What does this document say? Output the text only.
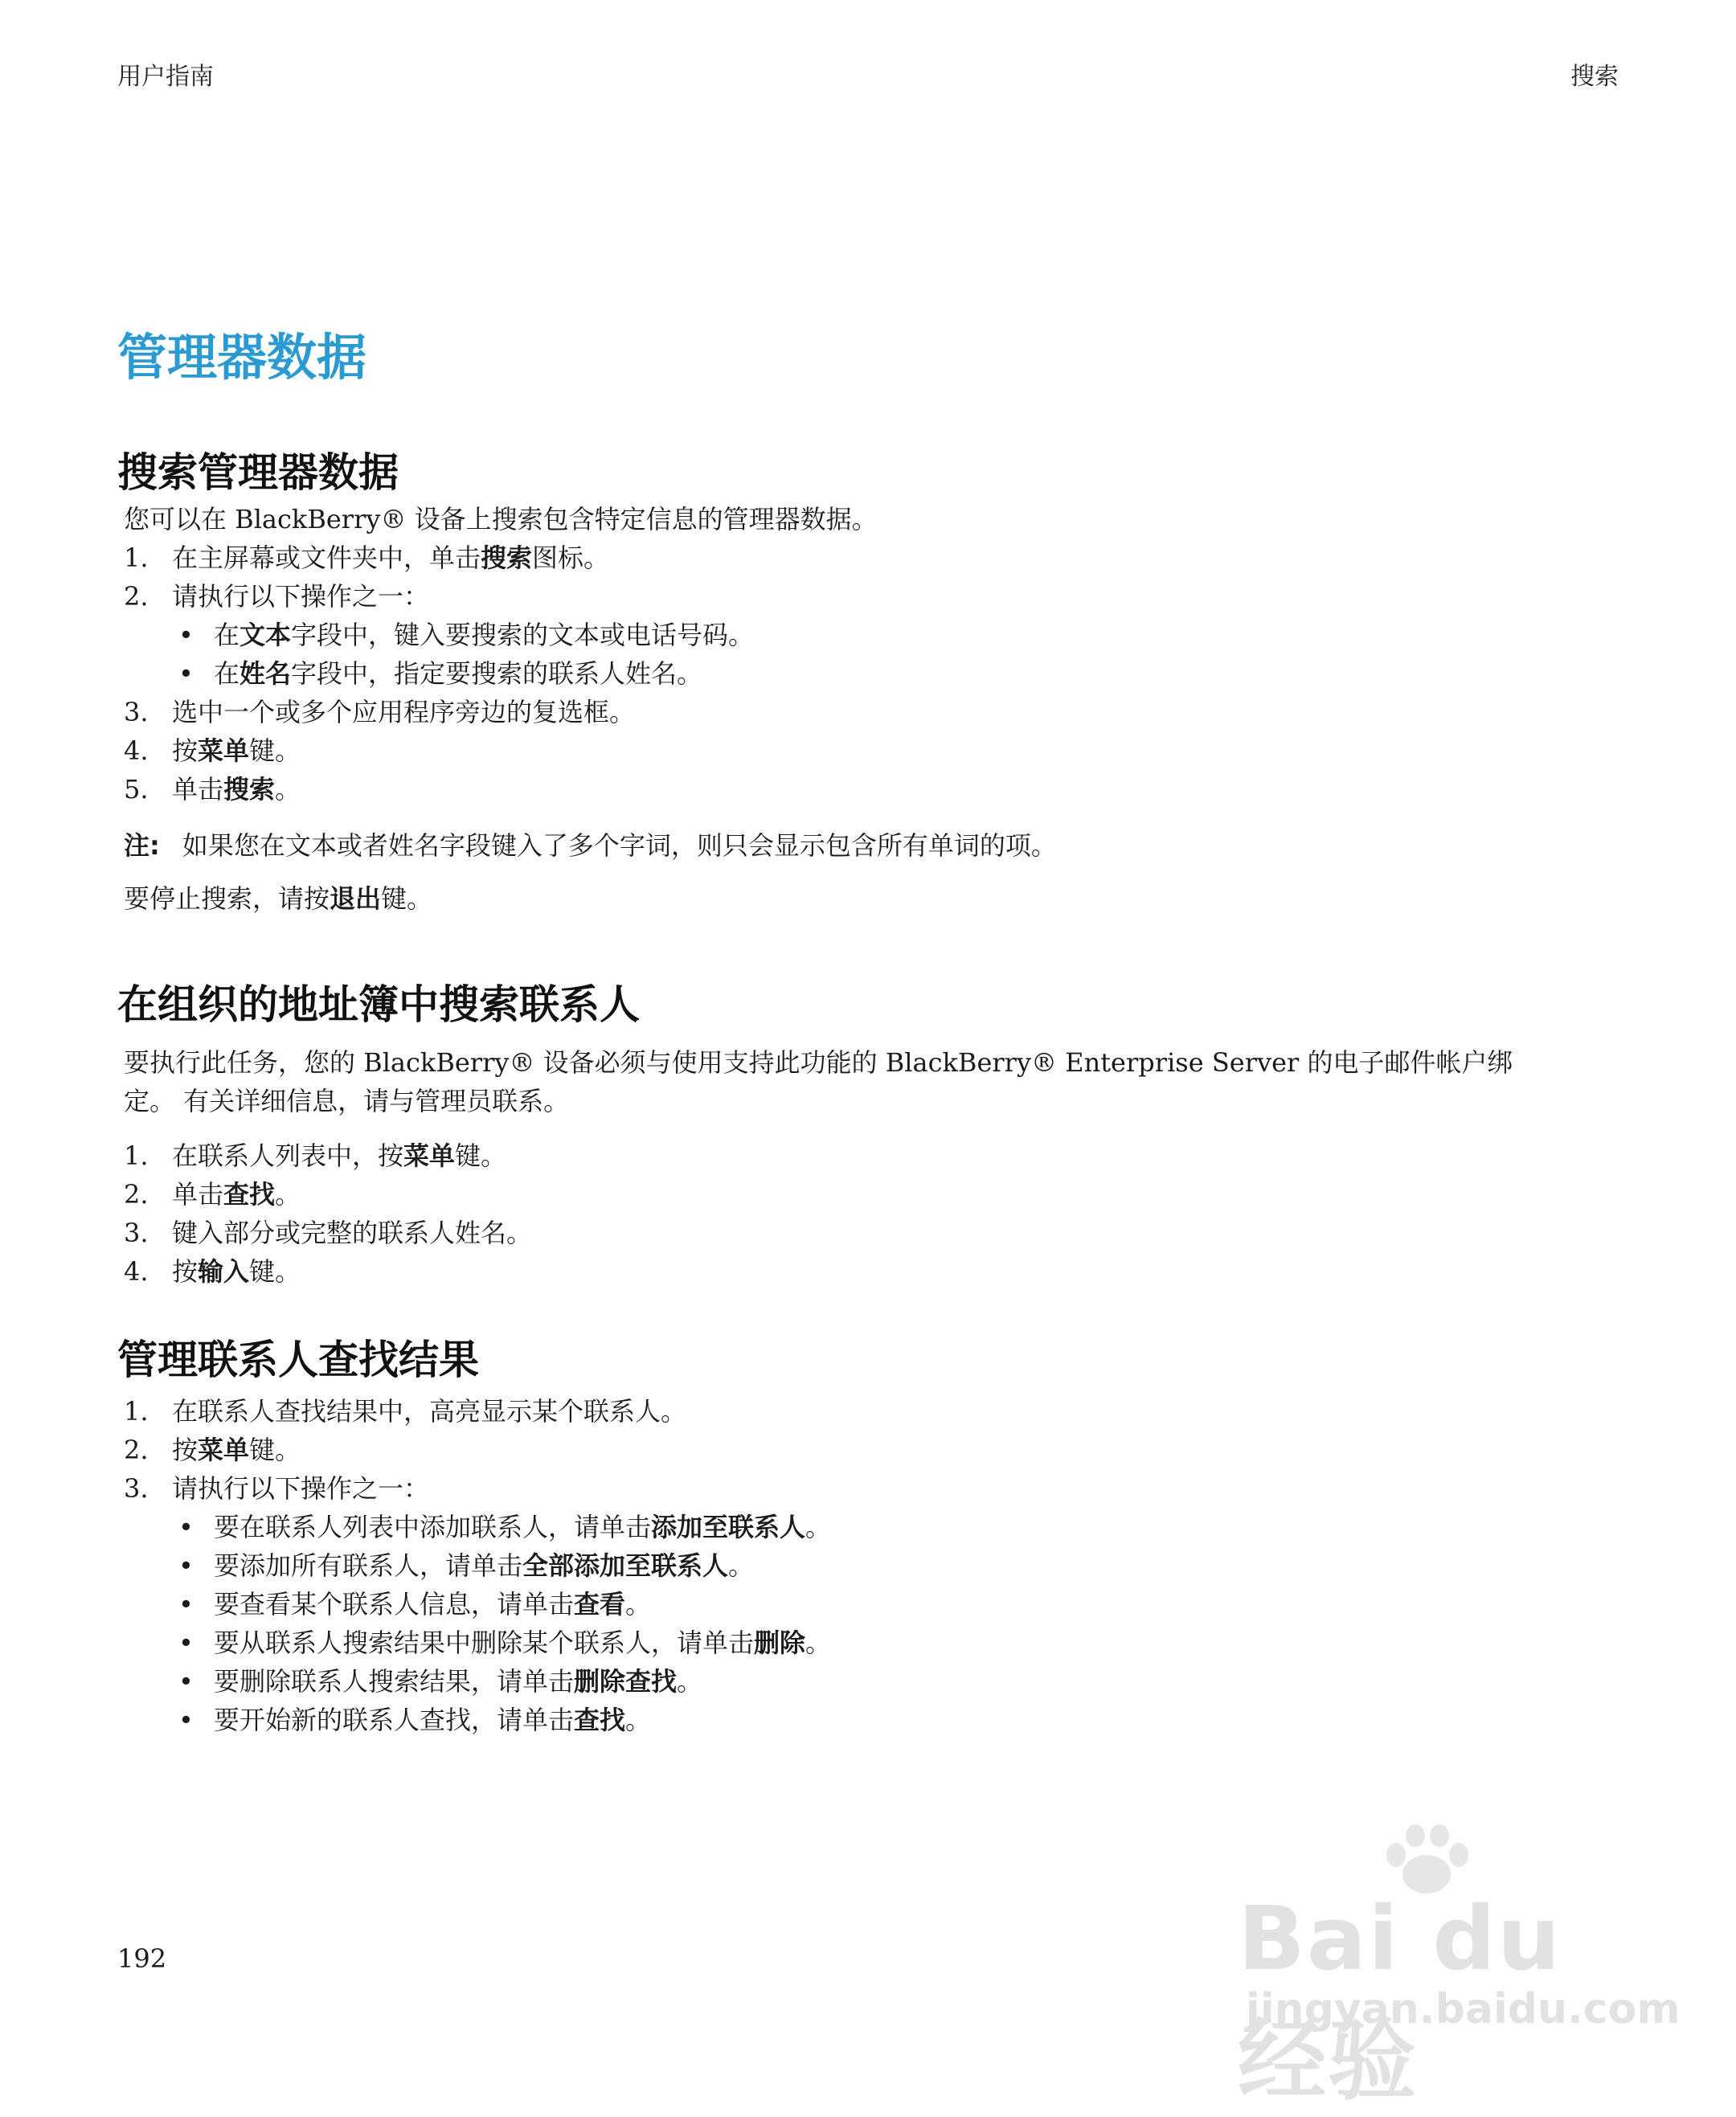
用户指南	搜索
管理器数据
搜索管理器数据
您可以在 BlackBerry® 设备上搜索包含特定信息的管理器数据。
1. 在主屏幕或文件夹中，单击搜索图标。
2. 请执行以下操作之一：
• 在文本字段中，键入要搜索的文本或电话号码。
• 在姓名字段中，指定要搜索的联系人姓名。
3. 选中一个或多个应用程序旁边的复选框。
4. 按菜单键。
5. 单击搜索。
注: 如果您在文本或者姓名字段键入了多个字词，则只会显示包含所有单词的项。
要停止搜索，请按退出键。
在组织的地址簿中搜索联系人
要执行此任务，您的 BlackBerry® 设备必须与使用支持此功能的 BlackBerry® Enterprise Server 的电子邮件帐户绑
定。 有关详细信息，请与管理员联系。
1. 在联系人列表中，按菜单键。
2. 单击查找。
3. 键入部分或完整的联系人姓名。
4. 按输入键。
管理联系人查找结果
1. 在联系人查找结果中，高亮显示某个联系人。
2. 按菜单键。
3. 请执行以下操作之一：
• 要在联系人列表中添加联系人，请单击添加至联系人。
• 要添加所有联系人，请单击全部添加至联系人。
• 要查看某个联系人信息，请单击查看。
• 要从联系人搜索结果中删除某个联系人，请单击删除。
• 要删除联系人搜索结果，请单击删除查找。
• 要开始新的联系人查找，请单击查找。
192	Bai du 经验
jingyan.baidu.com
